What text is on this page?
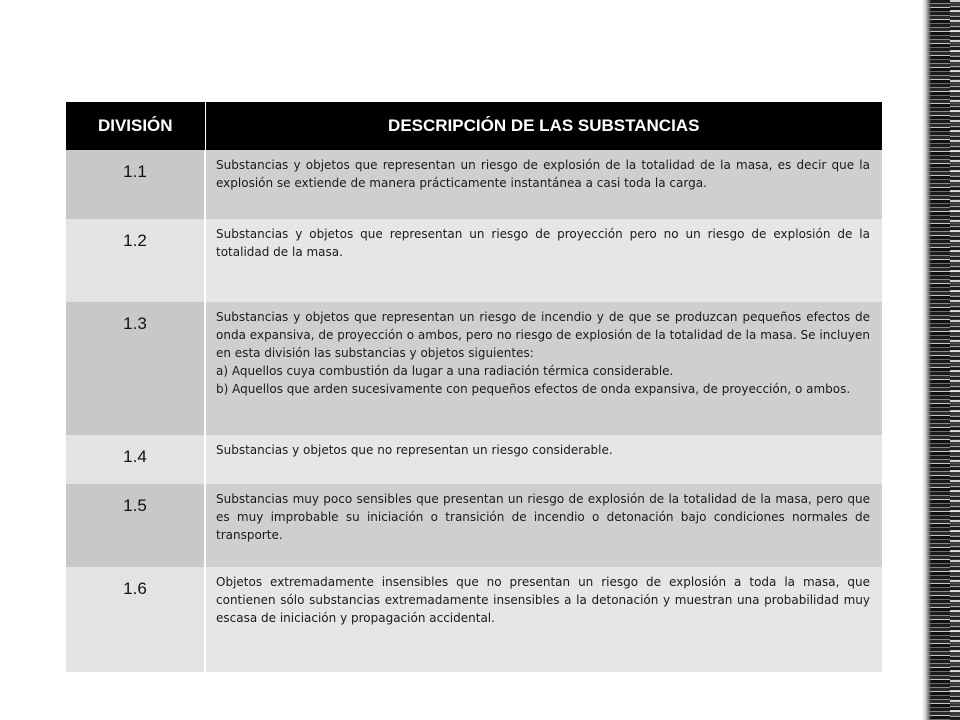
DIVISIÓN	DESCRIPCIÓN DE LAS SUBSTANCIAS
1.1	Substancias y objetos que representan un riesgo de explosión de la totalidad de la masa, es decir que la explosión se extiende de manera prácticamente instantánea a casi toda la carga.

1.2	Substancias y objetos que representan un riesgo de proyección pero no un riesgo de explosión de la totalidad de la masa.

1.3	Substancias y objetos que representan un riesgo de incendio y de que se produzcan pequeños efectos de onda expansiva, de proyección o ambos, pero no riesgo de explosión de la totalidad de la masa. Se incluyen en esta división las substancias y objetos siguientes:
a) Aquellos cuya combustión da lugar a una radiación térmica considerable.
b) Aquellos que arden sucesivamente con pequeños efectos de onda expansiva, de proyección, o ambos.

1.4	Substancias y objetos que no representan un riesgo considerable.

1.5	Substancias muy poco sensibles que presentan un riesgo de explosión de la totalidad de la masa, pero que es muy improbable su iniciación o transición de incendio o detonación bajo condiciones normales de transporte.

1.6	Objetos extremadamente insensibles que no presentan un riesgo de explosión a toda la masa, que contienen sólo substancias extremadamente insensibles a la detonación y muestran una probabilidad muy escasa de iniciación y propagación accidental.
